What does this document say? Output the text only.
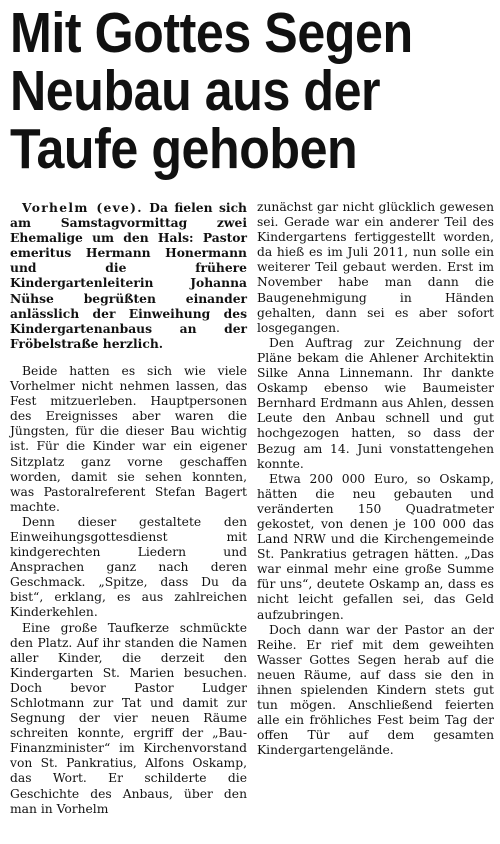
Mit Gottes Segen
Neubau aus der
Taufe gehoben

Vorhelm (eve). Da fielen sich am Samstagvormittag zwei Ehemalige um den Hals: Pastor emeritus Hermann Honermann und die frühere Kindergartenleiterin Johanna Nühse begrüßten einander anlässlich der Einweihung des Kindergartenanbaus an der Fröbelstraße herzlich.

Beide hatten es sich wie viele Vorhelmer nicht nehmen lassen, das Fest mitzuerleben. Hauptpersonen des Ereignisses aber waren die Jüngsten, für die dieser Bau wichtig ist. Für die Kinder war ein eigener Sitzplatz ganz vorne geschaffen worden, damit sie sehen konnten, was Pastoralreferent Stefan Bagert machte.

Denn dieser gestaltete den Einweihungsgottesdienst mit kindgerechten Liedern und Ansprachen ganz nach deren Geschmack. „Spitze, dass Du da bist“, erklang, es aus zahlreichen Kinderkehlen.

Eine große Taufkerze schmückte den Platz. Auf ihr standen die Namen aller Kinder, die derzeit den Kindergarten St. Marien besuchen. Doch bevor Pastor Ludger Schlotmann zur Tat und damit zur Segnung der vier neuen Räume schreiten konnte, ergriff der „Bau-Finanzminister“ im Kirchenvorstand von St. Pankratius, Alfons Oskamp, das Wort. Er schilderte die Geschichte des Anbaus, über den man in Vorhelm

zunächst gar nicht glücklich gewesen sei. Gerade war ein anderer Teil des Kindergartens fertiggestellt worden, da hieß es im Juli 2011, nun solle ein weiterer Teil gebaut werden. Erst im November habe man dann die Baugenehmigung in Händen gehalten, dann sei es aber sofort losgegangen.

Den Auftrag zur Zeichnung der Pläne bekam die Ahlener Architektin Silke Anna Linnemann. Ihr dankte Oskamp ebenso wie Baumeister Bernhard Erdmann aus Ahlen, dessen Leute den Anbau schnell und gut hochgezogen hatten, so dass der Bezug am 14. Juni vonstattengehen konnte.

Etwa 200 000 Euro, so Oskamp, hätten die neu gebauten und veränderten 150 Quadratmeter gekostet, von denen je 100 000 das Land NRW und die Kirchengemeinde St. Pankratius getragen hätten. „Das war einmal mehr eine große Summe für uns“, deutete Oskamp an, dass es nicht leicht gefallen sei, das Geld aufzubringen.

Doch dann war der Pastor an der Reihe. Er rief mit dem geweihten Wasser Gottes Segen herab auf die neuen Räume, auf dass sie den in ihnen spielenden Kindern stets gut tun mögen. Anschließend feierten alle ein fröhliches Fest beim Tag der offen Tür auf dem gesamten Kindergartengelände.
